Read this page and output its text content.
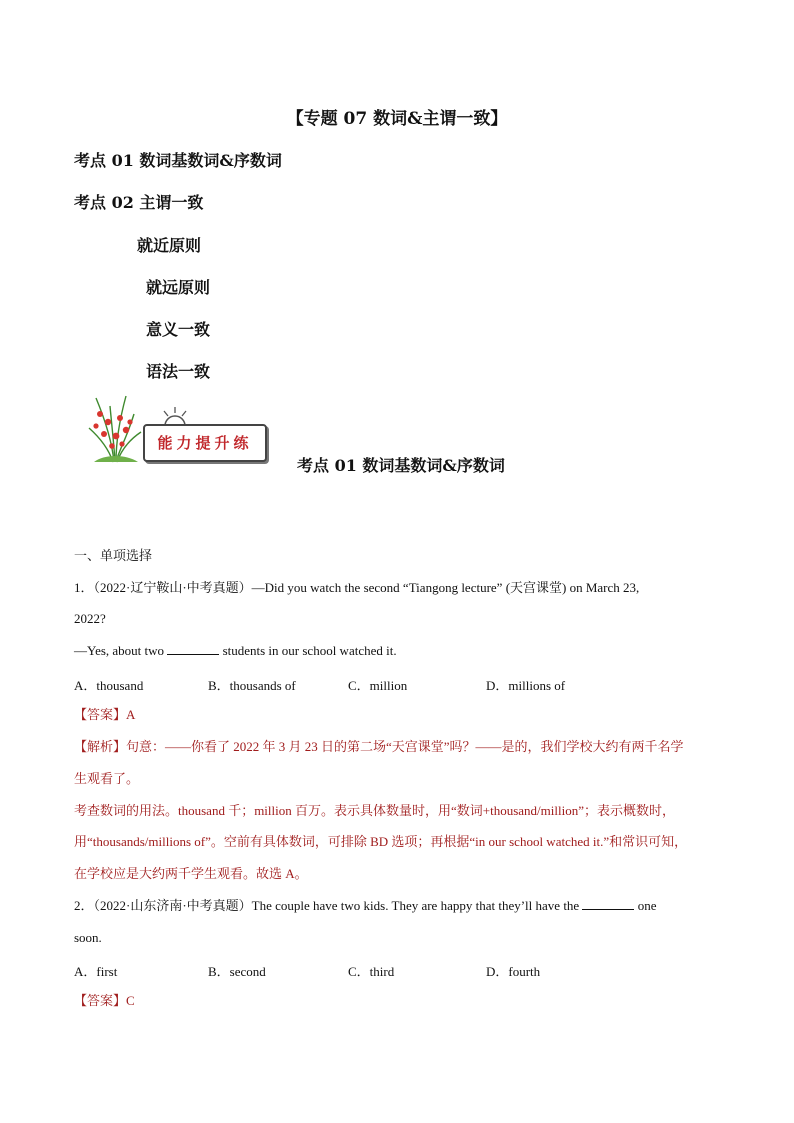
【专题 07 数词&主谓一致】
考点 01 数词基数词&序数词
考点 02 主谓一致
就近原则
就远原则
意义一致
语法一致
能力提升练
考点 01 数词基数词&序数词
一、单项选择
1．（2022·辽宁鞍山·中考真题）—Did you watch the second “Tiangong lecture” (天宫课堂) on March 23,
2022?
—Yes, about two	students in our school watched it.
A．thousand	B．thousands of	C．million	D．millions of
【答案】A
【解析】句意：——你看了 2022 年 3 月 23 日的第二场“天宫课堂”吗？——是的，我们学校大约有两千名学
生观看了。
考查数词的用法。thousand 千；million 百万。表示具体数量时，用“数词+thousand/million”；表示概数时，
用“thousands/millions of”。空前有具体数词，可排除 BD 选项；再根据“in our school watched it.”和常识可知，
在学校应是大约两千学生观看。故选 A。
2．（2022·山东济南·中考真题）The couple have two kids. They are happy that they’ll have the	one
soon.
A．first	B．second	C．third	D．fourth
【答案】C
